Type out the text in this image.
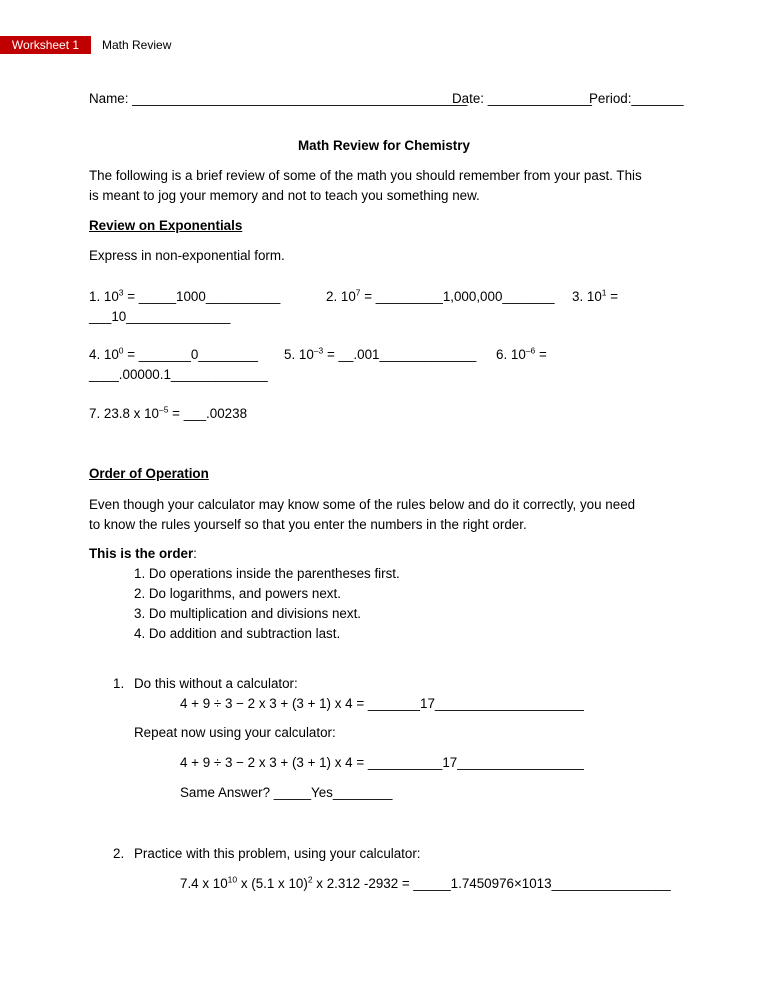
Worksheet 1	Math Review
Name: _____________________________________________
Date: ______________
Period:_______
Math Review for Chemistry
The following is a brief review of some of the math you should remember from your past. This
is meant to jog your memory and not to teach you something new.
Review on Exponentials
Express in non-exponential form.
1. $10^3$ = _____1000__________	2. $10^7$ = _________1,000,000_______ 3. $10^1$ =
___10______________
4. $10^0$ = _______0________ 5. $10^{-3}$ = __.001_____________ 6. $10^{-6}$ =
____.00000.1_____________
7. 23.8 x $10^{-5}$ = ___.00238
Order of Operation
Even though your calculator may know some of the rules below and do it correctly, you need
to know the rules yourself so that you enter the numbers in the right order.
This is the order:
1. Do operations inside the parentheses first.
2. Do logarithms, and powers next.
3. Do multiplication and divisions next.
4. Do addition and subtraction last.
1. Do this without a calculator:
4 + 9 ÷ 3 − 2 x 3 + (3 + 1) x 4 = _______17____________________
Repeat now using your calculator:
4 + 9 ÷ 3 − 2 x 3 + (3 + 1) x 4 = __________17_________________
Same Answer? _____Yes________
2. Practice with this problem, using your calculator:
7.4 x $10^{10}$ x (5.1 x 10)$^2$ x 2.312 -2932 = _____1.7450976×1013________________
